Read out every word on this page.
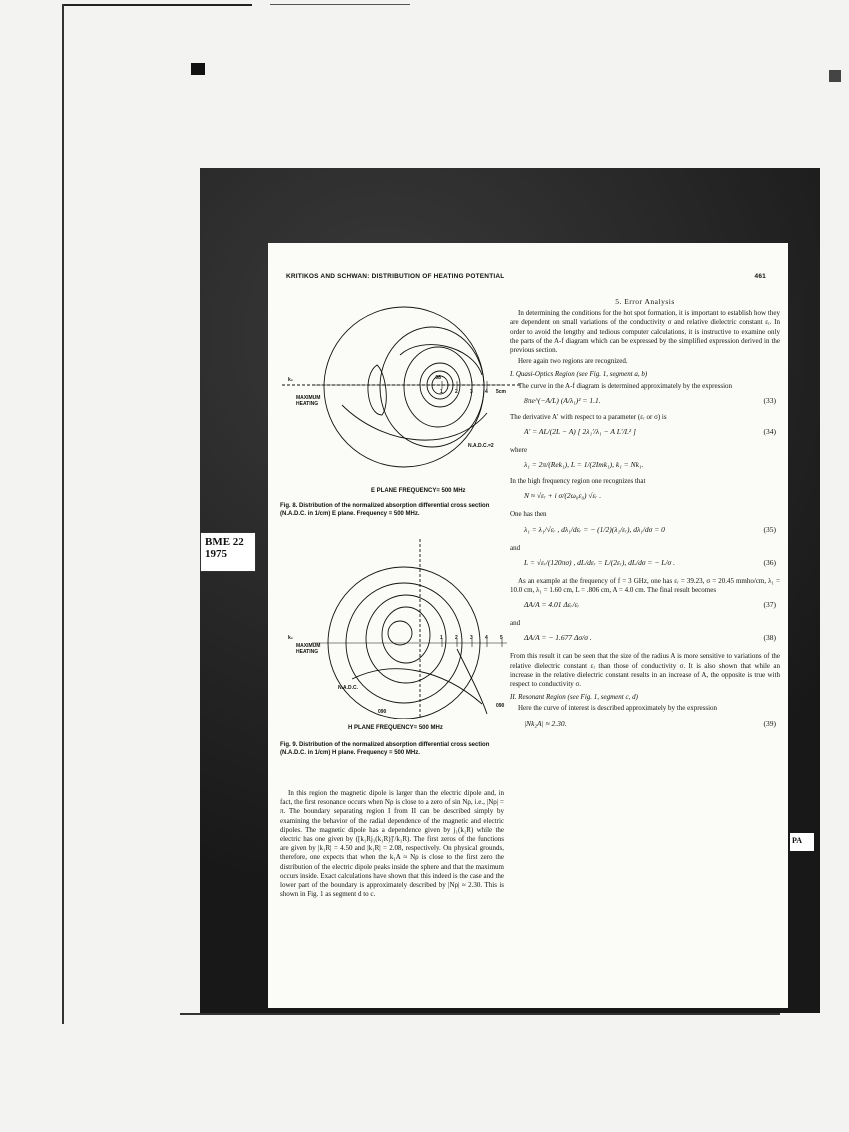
KRITIKOS AND SCHWAN: DISTRIBUTION OF HEATING POTENTIAL	461
k₂
MAXIMUM HEATING
N.A.D.C.=2
1 2 3 4 5cm
.08
E PLANE FREQUENCY= 500 MHz
Fig. 8. Distribution of the normalized absorption differential cross section (N.A.D.C. in 1/cm) E plane. Frequency = 500 MHz.
k₂
MAXIMUM HEATING
N.A.D.C.
1 2 3 4 5
090
090
H PLANE FREQUENCY= 500 MHz
Fig. 9. Distribution of the normalized absorption differential cross section (N.A.D.C. in 1/cm) H plane. Frequency = 500 MHz.

In this region the magnetic dipole is larger than the electric dipole and, in fact, the first resonance occurs when Nρ is close to a zero of sin Nρ, i.e., |Nρ| = π. The boundary separating region I from II can be described simply by examining the behavior of the radial dependence of the magnetic and electric dipoles. The magnetic dipole has a dependence given by j₁(k₁R) while the electric has one given by ([k₁Rj₁(k₁R)]′/k₁R). The first zeros of the functions are given by |k₁R| = 4.50 and |k₁R| = 2.08, respectively. On physical grounds, therefore, one expects that when the k₁A ≈ Nρ is close to the first zero the distribution of the electric dipole peaks inside the sphere and that the maximum occurs inside. Exact calculations have shown that this indeed is the case and the lower part of the boundary is approximately described by |Nρ| ≈ 2.30. This is shown in Fig. 1 as segment d to c.

5. Error Analysis

In determining the conditions for the hot spot formation, it is important to establish how they are dependent on small variations of the conductivity σ and relative dielectric constant εᵣ. In order to avoid the lengthy and tedious computer calculations, it is instructive to examine only the parts of the A-f diagram which can be expressed by the simplified expression derived in the previous section.

Here again two regions are recognized.

I. Quasi-Optics Region (see Fig. 1, segment a, b)

The curve in the A-f diagram is determined approximately by the expression

8πe^(−A/L) (A/λ₁)² = 1.1.	(33)

The derivative A′ with respect to a parameter (εᵣ or σ) is

A′ = AL/(2L − A) [ 2λ₁′/λ₁ − A L′/L² ]	(34)

where

λ₁ = 2π/(Rek₁), L = 1/(2Imk₁), k₁ = Nk₁.

In the high frequency region one recognizes that

N ≈ √εᵣ + i σ/(2ω₀ε₀) √εᵣ .

One has then

λ₁ = λ₁/√εᵣ , dλ₁/dεᵣ = − (1/2)(λ₁/εᵣ), dλ₁/dσ = 0	(35)

and

L = √εᵣ/(120πσ) , dL/dεᵣ = L/(2εᵣ), dL/dσ = − L/σ .	(36)

As an example at the frequency of f = 3 GHz, one has εᵣ = 39.23, σ = 20.45 mmho/cm, λ₁ = 10.0 cm, λ₁ = 1.60 cm, L = .806 cm, A = 4.0 cm. The final result becomes

ΔA/A = 4.01 Δεᵣ/εᵣ	(37)

and

ΔA/A = − 1.677 Δσ/σ .	(38)

From this result it can be seen that the size of the radius A is more sensitive to variations of the relative dielectric constant εᵣ than those of conductivity σ. It is also shown that while an increase in the relative dielectric constant results in an increase of A, the opposite is true with respect to conductivity σ.

II. Resonant Region (see Fig. 1, segment c, d)

Here the curve of interest is described approximately by the expression

|Nk₂A| ≈ 2.30.	(39)
BME 22
1975
PA
